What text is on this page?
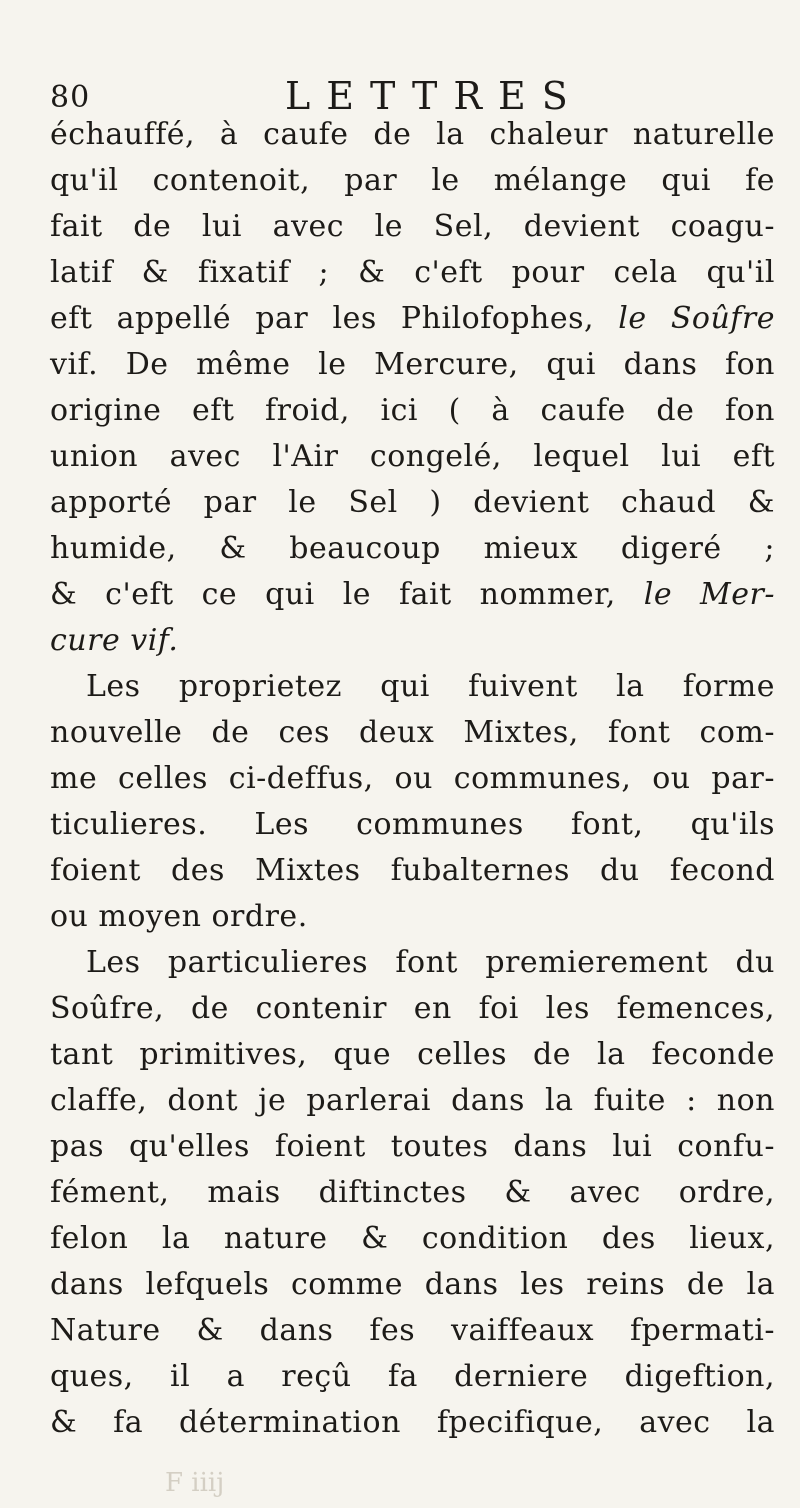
80	LETTRES
échauffé, à caufe de la chaleur naturelle
qu'il contenoit, par le mélange qui fe
fait de lui avec le Sel, devient coagu-
latif & fixatif ; & c'eft pour cela qu'il
eft appellé par les Philofophes, le Soûfre
vif. De même le Mercure, qui dans fon
origine eft froid, ici ( à caufe de fon
union avec l'Air congelé, lequel lui eft
apporté par le Sel ) devient chaud &
humide, & beaucoup mieux digeré ;
& c'eft ce qui le fait nommer, le Mer-
cure vif.
Les proprietez qui fuivent la forme
nouvelle de ces deux Mixtes, font com-
me celles ci-deffus, ou communes, ou par-
ticulieres. Les communes font, qu'ils
foient des Mixtes fubalternes du fecond
ou moyen ordre.
Les particulieres font premierement du
Soûfre, de contenir en foi les femences,
tant primitives, que celles de la feconde
claffe, dont je parlerai dans la fuite : non
pas qu'elles foient toutes dans lui confu-
fément, mais diftinctes & avec ordre,
felon la nature & condition des lieux,
dans lefquels comme dans les reins de la
Nature & dans fes vaiffeaux fpermati-
ques, il a reçû fa derniere digeftion,
& fa détermination fpecifique, avec la
F iiij
